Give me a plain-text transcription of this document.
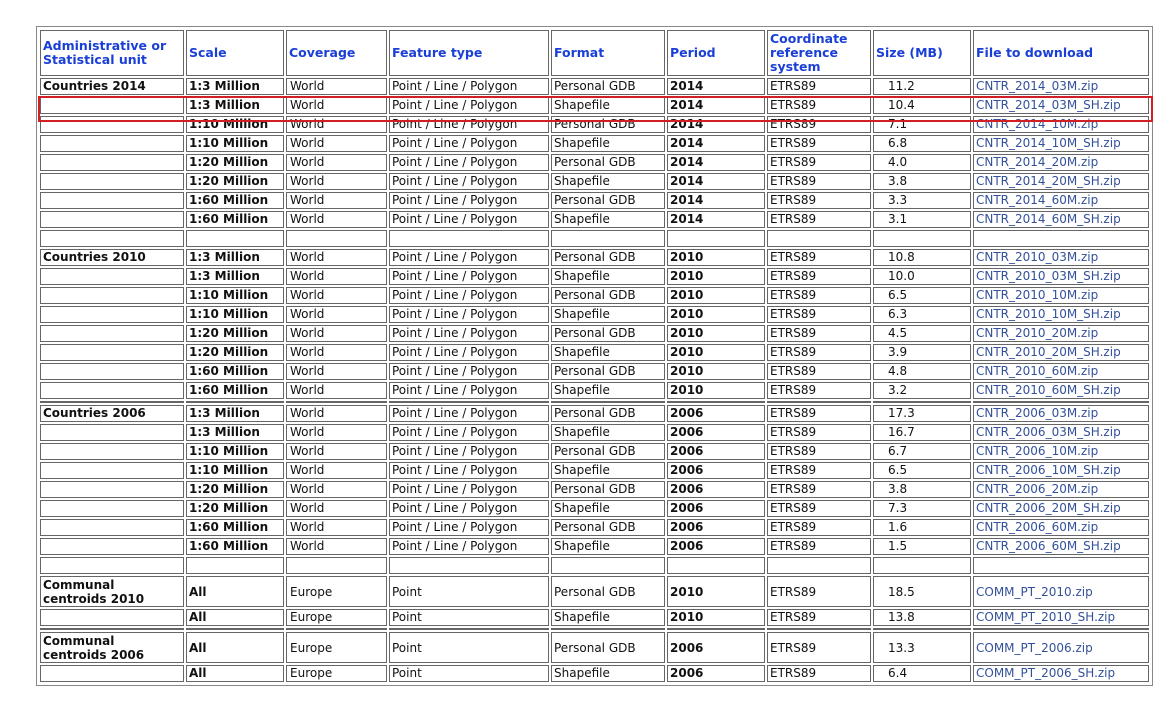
Administrative or Statistical unit	Scale	Coverage	Feature type	Format	Period	Coordinate reference system	Size (MB)	File to download
Countries 2014	1:3 Million	World	Point / Line / Polygon	Personal GDB	2014	ETRS89	11.2	CNTR_2014_03M.zip
	1:3 Million	World	Point / Line / Polygon	Shapefile	2014	ETRS89	10.4	CNTR_2014_03M_SH.zip
	1:10 Million	World	Point / Line / Polygon	Personal GDB	2014	ETRS89	7.1	CNTR_2014_10M.zip
	1:10 Million	World	Point / Line / Polygon	Shapefile	2014	ETRS89	6.8	CNTR_2014_10M_SH.zip
	1:20 Million	World	Point / Line / Polygon	Personal GDB	2014	ETRS89	4.0	CNTR_2014_20M.zip
	1:20 Million	World	Point / Line / Polygon	Shapefile	2014	ETRS89	3.8	CNTR_2014_20M_SH.zip
	1:60 Million	World	Point / Line / Polygon	Personal GDB	2014	ETRS89	3.3	CNTR_2014_60M.zip
	1:60 Million	World	Point / Line / Polygon	Shapefile	2014	ETRS89	3.1	CNTR_2014_60M_SH.zip

Countries 2010	1:3 Million	World	Point / Line / Polygon	Personal GDB	2010	ETRS89	10.8	CNTR_2010_03M.zip
	1:3 Million	World	Point / Line / Polygon	Shapefile	2010	ETRS89	10.0	CNTR_2010_03M_SH.zip
	1:10 Million	World	Point / Line / Polygon	Personal GDB	2010	ETRS89	6.5	CNTR_2010_10M.zip
	1:10 Million	World	Point / Line / Polygon	Shapefile	2010	ETRS89	6.3	CNTR_2010_10M_SH.zip
	1:20 Million	World	Point / Line / Polygon	Personal GDB	2010	ETRS89	4.5	CNTR_2010_20M.zip
	1:20 Million	World	Point / Line / Polygon	Shapefile	2010	ETRS89	3.9	CNTR_2010_20M_SH.zip
	1:60 Million	World	Point / Line / Polygon	Personal GDB	2010	ETRS89	4.8	CNTR_2010_60M.zip
	1:60 Million	World	Point / Line / Polygon	Shapefile	2010	ETRS89	3.2	CNTR_2010_60M_SH.zip

Countries 2006	1:3 Million	World	Point / Line / Polygon	Personal GDB	2006	ETRS89	17.3	CNTR_2006_03M.zip
	1:3 Million	World	Point / Line / Polygon	Shapefile	2006	ETRS89	16.7	CNTR_2006_03M_SH.zip
	1:10 Million	World	Point / Line / Polygon	Personal GDB	2006	ETRS89	6.7	CNTR_2006_10M.zip
	1:10 Million	World	Point / Line / Polygon	Shapefile	2006	ETRS89	6.5	CNTR_2006_10M_SH.zip
	1:20 Million	World	Point / Line / Polygon	Personal GDB	2006	ETRS89	3.8	CNTR_2006_20M.zip
	1:20 Million	World	Point / Line / Polygon	Shapefile	2006	ETRS89	7.3	CNTR_2006_20M_SH.zip
	1:60 Million	World	Point / Line / Polygon	Personal GDB	2006	ETRS89	1.6	CNTR_2006_60M.zip
	1:60 Million	World	Point / Line / Polygon	Shapefile	2006	ETRS89	1.5	CNTR_2006_60M_SH.zip

Communal centroids 2010	All	Europe	Point	Personal GDB	2010	ETRS89	18.5	COMM_PT_2010.zip
	All	Europe	Point	Shapefile	2010	ETRS89	13.8	COMM_PT_2010_SH.zip

Communal centroids 2006	All	Europe	Point	Personal GDB	2006	ETRS89	13.3	COMM_PT_2006.zip
	All	Europe	Point	Shapefile	2006	ETRS89	6.4	COMM_PT_2006_SH.zip
